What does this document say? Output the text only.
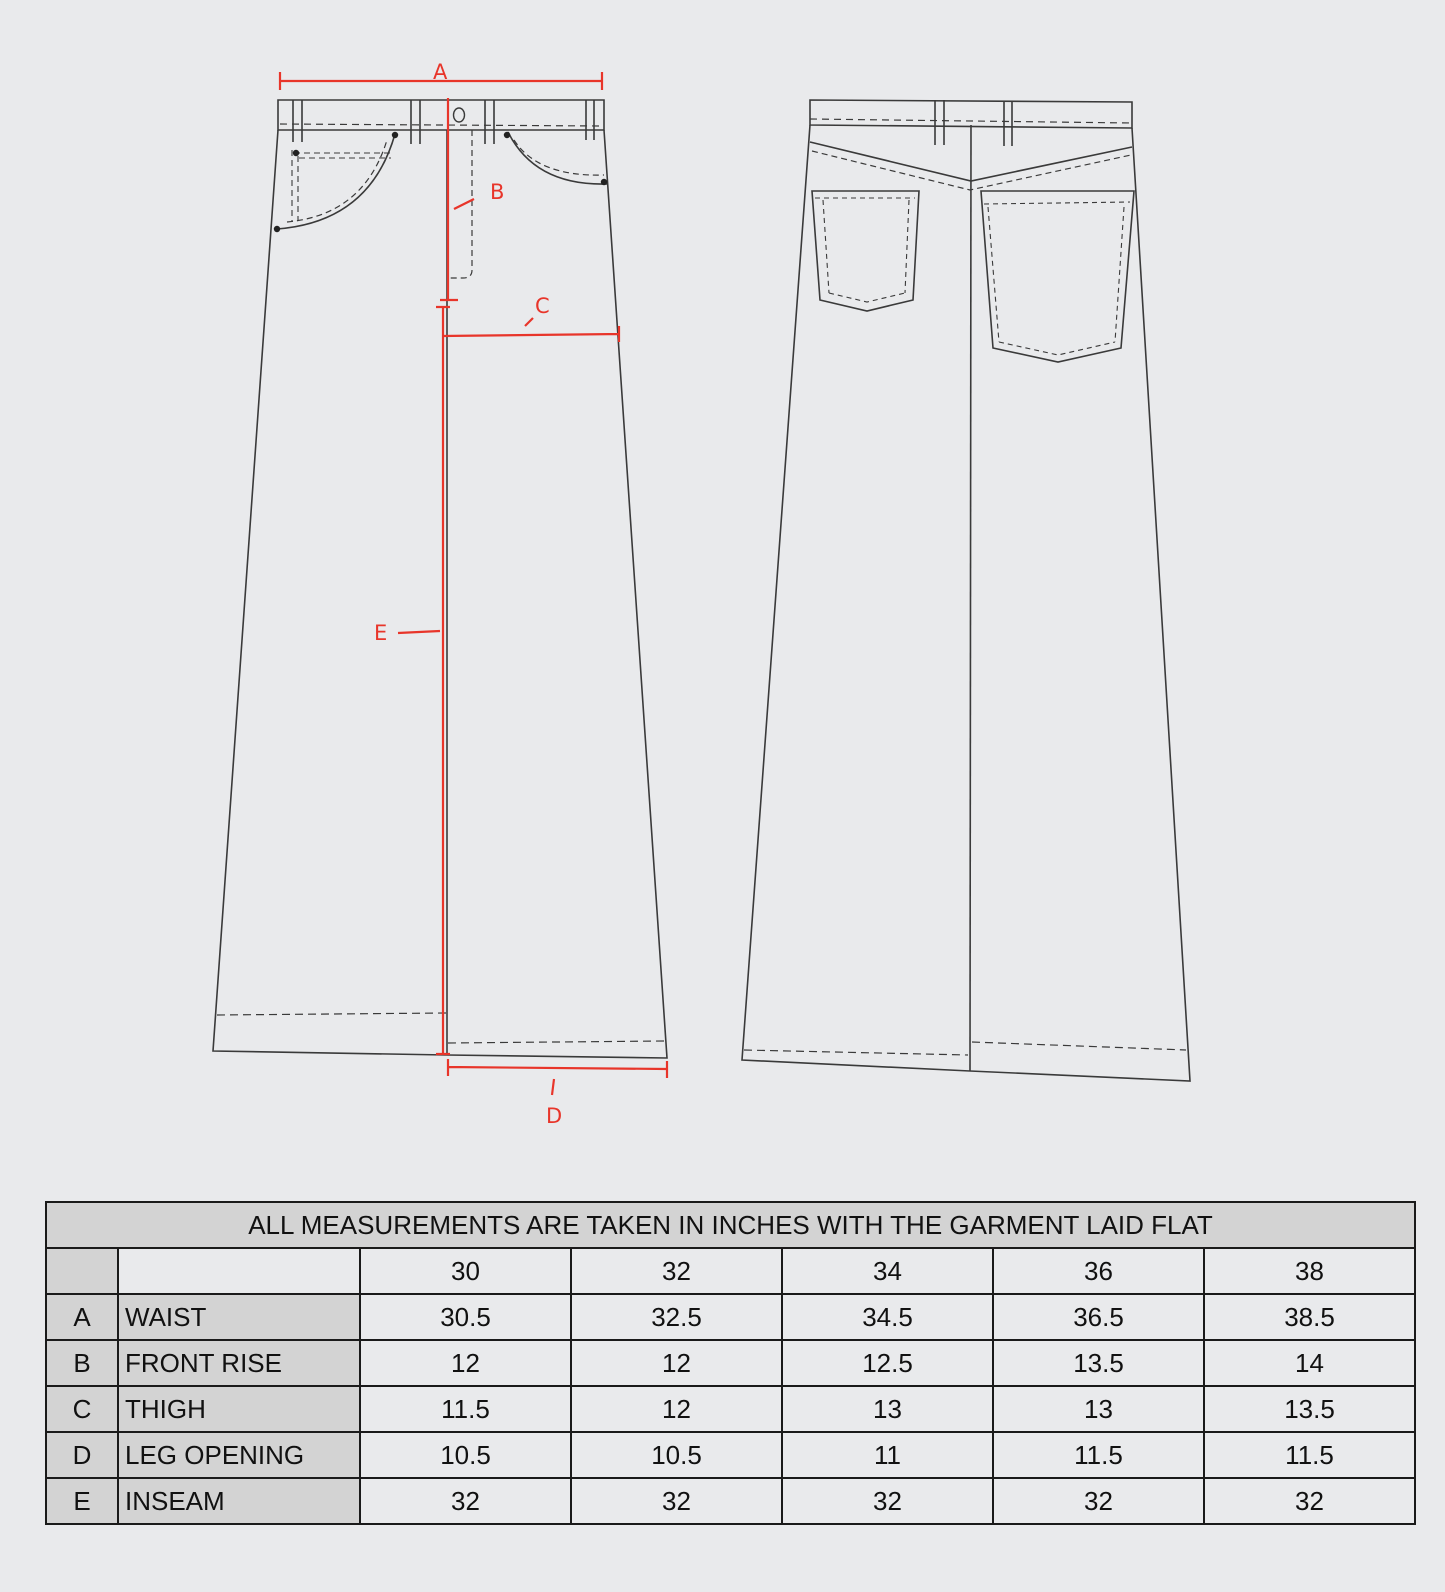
A
B
C
D
E
ALL MEASUREMENTS ARE TAKEN IN INCHES WITH THE GARMENT LAID FLAT						
		30	32	34	36	38
A	WAIST	30.5	32.5	34.5	36.5	38.5
B	FRONT RISE	12	12	12.5	13.5	14
C	THIGH	11.5	12	13	13	13.5
D	LEG OPENING	10.5	10.5	11	11.5	11.5
E	INSEAM	32	32	32	32	32
